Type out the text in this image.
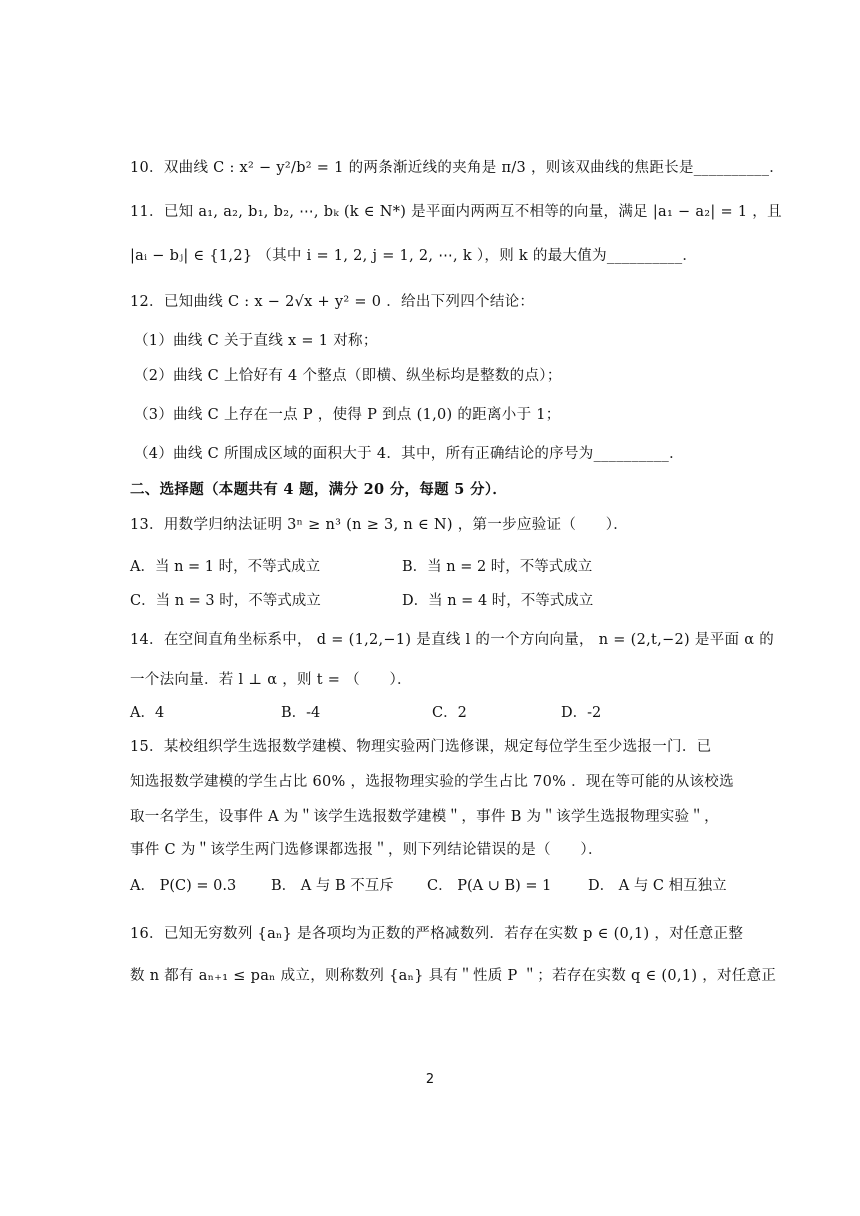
10．双曲线 C : x² − y²/b² = 1 的两条渐近线的夹角是 π/3 ，则该双曲线的焦距长是__________．
11．已知 a₁, a₂, b₁, b₂, ⋯, bₖ (k ∈ N*) 是平面内两两互不相等的向量，满足 |a₁ − a₂| = 1 ，且
|aᵢ − bⱼ| ∈ {1,2} （其中 i = 1, 2, j = 1, 2, ⋯, k ），则 k 的最大值为__________．
12．已知曲线 C : x − 2√x + y² = 0 ．给出下列四个结论：
（1）曲线 C 关于直线 x = 1 对称；
（2）曲线 C 上恰好有 4 个整点（即横、纵坐标均是整数的点）；
（3）曲线 C 上存在一点 P ，使得 P 到点 (1,0) 的距离小于 1；
（4）曲线 C 所围成区域的面积大于 4．其中，所有正确结论的序号为__________．
二、选择题（本题共有 4 题，满分 20 分，每题 5 分）．
13．用数学归纳法证明 3ⁿ ≥ n³ (n ≥ 3, n ∈ N) ，第一步应验证（　　）．
A．当 n = 1 时，不等式成立	B．当 n = 2 时，不等式成立
C．当 n = 3 时，不等式成立	D．当 n = 4 时，不等式成立
14．在空间直角坐标系中， d = (1,2,−1) 是直线 l 的一个方向向量， n = (2,t,−2) 是平面 α 的
一个法向量．若 l ⊥ α ，则 t = （　　）．
A．4	B．-4	C．2	D．-2
15．某校组织学生选报数学建模、物理实验两门选修课，规定每位学生至少选报一门．已
知选报数学建模的学生占比 60% ，选报物理实验的学生占比 70% ．现在等可能的从该校选
取一名学生，设事件 A 为＂该学生选报数学建模＂，事件 B 为＂该学生选报物理实验＂，
事件 C 为＂该学生两门选修课都选报＂，则下列结论错误的是（　　）．
A． P(C) = 0.3 B． A 与 B 不互斥 C． P(A ∪ B) = 1	D． A 与 C 相互独立
16．已知无穷数列 {aₙ} 是各项均为正数的严格减数列．若存在实数 p ∈ (0,1) ，对任意正整
数 n 都有 aₙ₊₁ ≤ paₙ 成立，则称数列 {aₙ} 具有＂性质 P ＂；若存在实数 q ∈ (0,1) ，对任意正
2
